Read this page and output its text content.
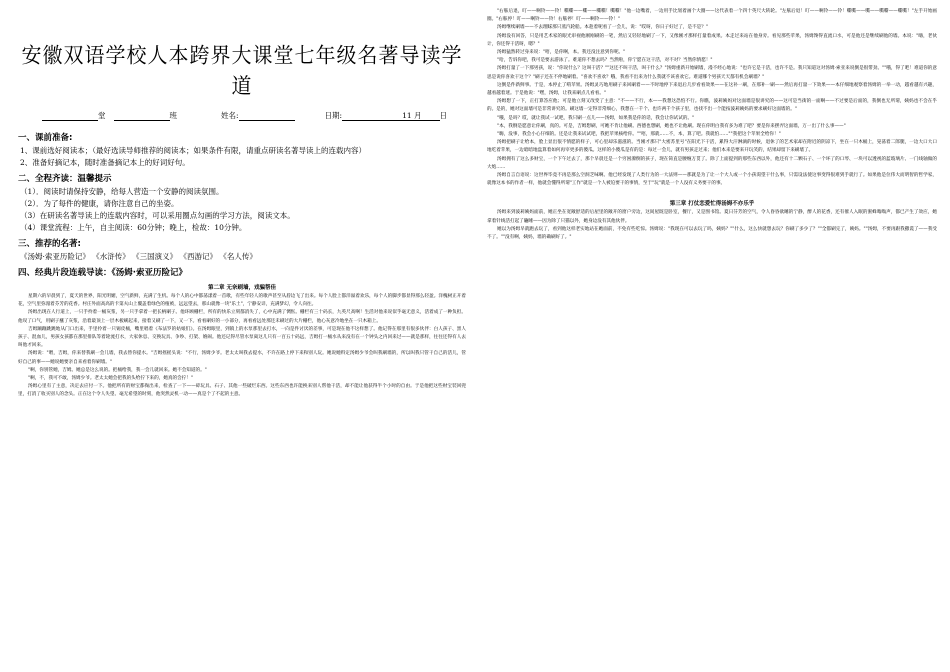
安徽双语学校人本跨界大课堂七年级名著导读学道
堂	班	姓名:	日期:	11 月 日
一、课前准备:
1、课前选好阅读本；（最好选读导师推荐的阅读本；如果条件有限，请重点研读名著导读上的连载内容）
2、准备好摘记本，随时准备摘记本上的好词好句。
二、全程齐读：温馨提示
（1）．阅读时请保持安静，给每人营造一个安静的阅读氛围。
（2）．为了每件的健康，请你注意自己的坐姿。
（3）在研读名著导读上的连载内容时，可以采用圈点勾画的学习方法，阅读文本。
（4）课堂流程：上午，自主阅读：60分钟；晚上，检故：10分钟。
三、推荐的名著:
《汤姆·索亚历险记》 《水浒传》 《三国演义》 《西游记》 《名人传》
四、经典片段连载导读：《汤姆·索亚历险记》
第二章 无奈刷墙，戏骗帮佳

星期六的早晨到了，夏天的世界，阳光明媚，空气新鲜，充满了生机。每个人的心中都荡漾着一首歌，有些年轻人的歌声甚至从唇边飞了出来。每个人脸上都洋溢着欢乐，每个人的脚步都显得那么轻盈。洋槐树正开着花，空气里弥漫着芬芳的花香。村庄外面高高的卡第夫山上覆盖着绿色的植被，远远望去，那山就像一块"乐土"，宁静安详，充满梦幻，令人向往。

汤姆出现在人行道上，一只手拎着一桶灰浆，另一只手拿着一把长柄刷子。他环顾栅栏，所有的快乐立刻都消失了，心中充满了惆怅。栅栏有三十码长，九英尺高啊！生活对他来说似乎毫无意义，活着成了一种负担。他叹了口气，用刷子蘸了灰浆，沿着最顶上一层木板刷起来，接着又刷了一下，又一下。看看刷好的一小部分，再看看远处那还未刷过的大片栅栏，他心灰意冷地坐在一只木箱上。

吉姆蹦蹦跳跳地从门口出来，手里拎着一只锡皮桶，嘴里唱着《布法罗的姑娘们》。在汤姆眼里，到镇上的水泵那里去打水，一向是件讨厌的差事，可是现在他不这样想了。他记得在那里有很多伙伴：白人孩子、黑人孩子、混血儿，男孩女孩都在那里排队等着轮流打水，大家休息、交换玩具、争吵、打架、嬉闹。他还记得尽管水泵离这儿只有一百五十码远，吉姆打一桶水从来没有在一个钟头之内回来过——就是那样，往往还得有人去叫他才回来。

汤姆说："喂，吉姆，你来替我刷一会儿墙，我去替你提水。"吉姆摇摇头说："不行，汤姆少爷。老太太叫我去提水，不许在路上停下来和别人玩。她说她料定汤姆少爷会叫我刷墙的，所以叫我只管干自己的活儿，管好自己的事——她说她要亲自来看着你刷墙。"

"啊，你别管她，吉姆。她总是这么说的。把桶给我，我一会儿就回来。她不会知道的。"

"啊，不，我可不敢，汤姆少爷。老太太她会把我的头给拧下来的，她真的会拧！"

汤姆心里有了主意，决定去应付一下。他把所有的财宝都掏出来，检查了一下——碎玩具、石子、其他一些破烂东西。这些东西也许能换来别人帮他干活，却不能让他获得半个小时的自由。于是他把这些财宝装回兜里，打消了收买别人的念头。正在这个令人失望、毫无希望的时刻，他突然灵机一动——真是个了不起的主意。

"右舷后退，叮——啊铃——铃！嘶嘶——嘶——嘶嘶！嘶嘶！"他一边嘴着，一边用手比划着画个大圈——这代表着一个四十英尺大转轮。"左舷后退！叮——啊铃——铃！嘶嘶——嘶——嘶嘶——嘶嘶！"左手开始画圈。"右舷停！叮——啊铃——铃！右舷停！叮——啊铃——铃！"

汤姆继续刷墙——不去理睬那只蒸汽轮船。本趁着呢看了一会儿，说："哎呀，你日子好过了，是不是？"

汤姆没有回答，只是用艺术家的眼光审视他刚刚刷的一笔，然后又轻轻地刷了一下，又像刚才那样打量着成果。本走过来站在他身旁。看见那些苹果，汤姆馋得直流口水，可是他还是继续刷他的墙。本说："嗨，老伙计，你还得干活呀，嗯？"

汤姆猛然转过身来说："唔，是你啊，本。我还没注意到你呢。"

"哈，告诉你吧，我可是要去游泳了。难道你不想去吗？当然啦，你宁愿在这干活，对不对？当然你情愿！"

汤姆打量了一下那男孩，说："你说什么？这叫干活？""这还不叫干活，叫干什么？"汤姆重新开始刷墙，漫不经心地说："也许它是干活，也许不是。我只知道这对汤姆·索亚来说倒是很带劲。""哦，得了吧！难道你的意思是说你喜欢干这个？"刷子还在不停地刷着。"喜欢不喜欢？哦，我看不出来为什么我就不该喜欢它。难道哪个男孩天天都有机会刷墙？"

这倒是件新鲜事。于是，本停止了啃苹果。汤姆灵巧地用刷子来回刷着——不时地停下来退后几步看看效果——在这补一刷，在那补一刷——然后再打量一下效果——本仔细地观察着汤姆的一举一动，越看越有兴趣，越看越着迷。于是他说："嘿，汤姆，让我来刷点儿看看。"

汤姆想了一下，正打算答应他；可是他立刻又改变了主意："不——不行，本——我想这恐怕不行。你瞧，波莉姨妈对这面墙是很讲究的——这可是当街的一面啊——不过要是后面的，我倒也无所谓，姨妈也不会在乎的。是的，她对这面墙可是非常讲究的。刷这墙一定得非常细心，我想在一千个、也许两千个孩子里，也找不出一个能按波莉姨妈的要求刷好这面墙的。"

"哦，是吗？哎，就让我试一试吧，我只刷一点儿——汤姆，如果我是你的话，我会让你试试的。"

"本，我倒是愿意让你刷，真的。可是，吉姆想刷，可她不肯让他刷。西德也想刷，她也不让他刷。现在你明白我有多为难了吧？要是你来摆弄这面墙，万一出了什么事——"

"嗨，没事，我会小心仔细的。还是让我来试试吧，我把苹果核给你。""唔，那就……不，本，算了吧。我就怕……""我把这个苹果全给你！"

汤姆把刷子让给本，脸上显出很不情愿的样子，可心里却乐滋滋的。当刚才那只"大密苏里号"在阳光下干活，累得大汗淋漓的时候，退休了的艺术家却在附近的阴凉下，坐在一只木桶上，晃荡着二郎腿，一边大口大口地吃着苹果，一边暗暗地盘算着如何再宰更多的傻瓜。这样的小傻瓜是有的是：每过一会儿，就有男孩走过来；他们本来是要来开玩笑的，结果却留下来刷墙了。

汤姆拥有了这么多财宝，一个下午过去了，那个早晨还是一个穷困潦倒的孩子，现在简直是腰缠万贯了。除了上面提到的那些东西以外，他还有十二颗石子、一个坏了的口琴、一块可以透视的蓝玻璃片、一门线轴做的大炮……

汤姆自言自语说：这世界毕竟不再是那么空洞乏味啊。他已经发现了人类行为的一大法则——那就是为了让一个大人或一个小孩渴望干什么事，只需设法使这事变得很难到手就行了。如果他是位伟大而明智的哲学家，就像这本书的作者一样，他就会懂得所谓"工作"就是一个人被迫要干的事情，至于"玩"就是一个人没有义务要干的事。

第三章 打仗恋爱忙得汤姆不亦乐乎

汤姆来到波莉姨妈面前，她正坐在宽敞舒适的后屋里的敞开的窗户旁边，这间屋既是卧室，餐厅，又是图书馆。夏日芬芳的空气，令人昏昏欲睡的宁静，醉人的花香，还有催人入眠的蜜蜂嗡嗡声，都已产生了效应，她拿着针线活打起了瞌睡——因为除了只猫以外，她身边没有其他伙伴。

她以为汤姆早就跑去玩了，看到他这样老实地站在她面前，不免有些吃惊。汤姆说："我现在可以去玩了吗，姨妈？""什么，这么快就想去玩？你刷了多少了？""全都刷完了，姨妈。""汤姆，不要再跟我撒谎了——我受不了。""没有啊，姨妈，墙的确刷好了。"
